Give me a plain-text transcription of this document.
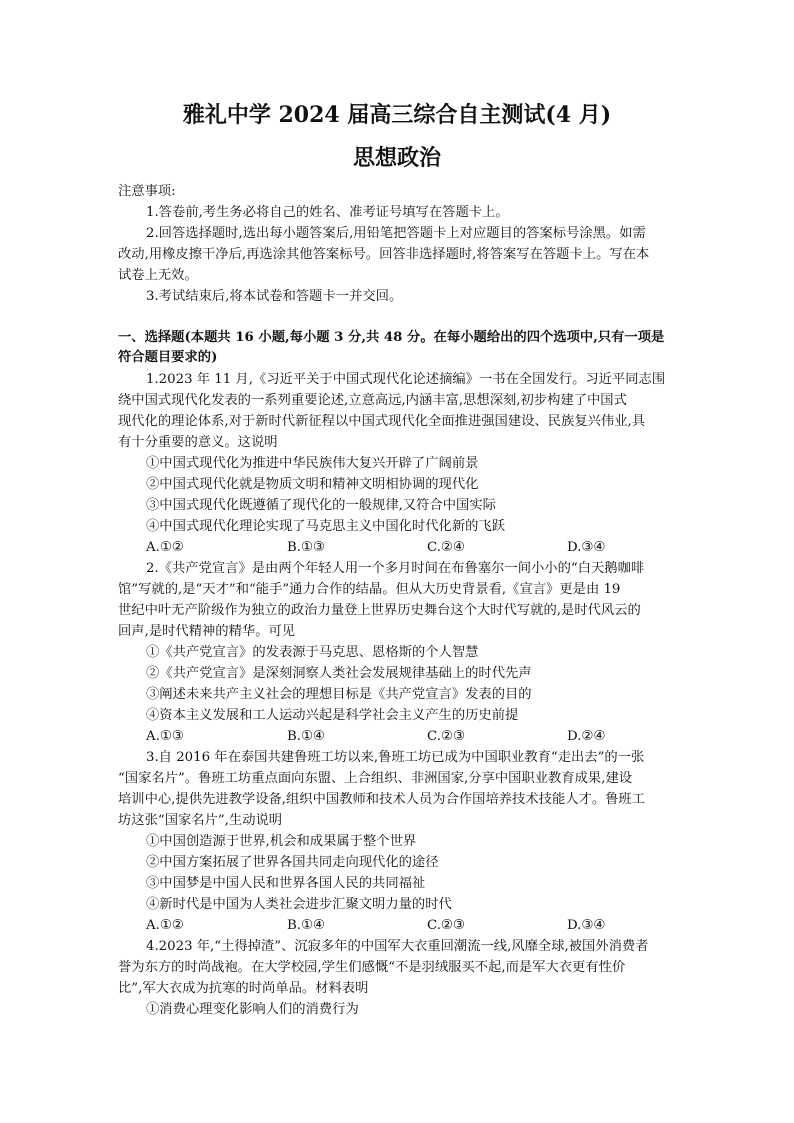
雅礼中学 2024 届高三综合自主测试(4 月)
思想政治
注意事项:
1.答卷前,考生务必将自己的姓名、准考证号填写在答题卡上。
2.回答选择题时,选出每小题答案后,用铅笔把答题卡上对应题目的答案标号涂黑。如需
改动,用橡皮擦干净后,再选涂其他答案标号。回答非选择题时,将答案写在答题卡上。写在本
试卷上无效。
3.考试结束后,将本试卷和答题卡一并交回。
一、选择题(本题共 16 小题,每小题 3 分,共 48 分。在每小题给出的四个选项中,只有一项是
符合题目要求的)
1.2023 年 11 月,《习近平关于中国式现代化论述摘编》一书在全国发行。习近平同志围
绕中国式现代化发表的一系列重要论述,立意高远,内涵丰富,思想深刻,初步构建了中国式
现代化的理论体系,对于新时代新征程以中国式现代化全面推进强国建设、民族复兴伟业,具
有十分重要的意义。这说明
①中国式现代化为推进中华民族伟大复兴开辟了广阔前景
②中国式现代化就是物质文明和精神文明相协调的现代化
③中国式现代化既遵循了现代化的一般规律,又符合中国实际
④中国式现代化理论实现了马克思主义中国化时代化新的飞跃
A.①②	B.①③	C.②④	D.③④
2.《共产党宣言》是由两个年轻人用一个多月时间在布鲁塞尔一间小小的“白天鹅咖啡
馆”写就的,是“天才”和“能手”通力合作的结晶。但从大历史背景看,《宣言》更是由 19
世纪中叶无产阶级作为独立的政治力量登上世界历史舞台这个大时代写就的,是时代风云的
回声,是时代精神的精华。可见
①《共产党宣言》的发表源于马克思、恩格斯的个人智慧
②《共产党宣言》是深刻洞察人类社会发展规律基础上的时代先声
③阐述未来共产主义社会的理想目标是《共产党宣言》发表的目的
④资本主义发展和工人运动兴起是科学社会主义产生的历史前提
A.①③	B.①④	C.②③	D.②④
3.自 2016 年在泰国共建鲁班工坊以来,鲁班工坊已成为中国职业教育“走出去”的一张
“国家名片”。鲁班工坊重点面向东盟、上合组织、非洲国家,分享中国职业教育成果,建设
培训中心,提供先进教学设备,组织中国教师和技术人员为合作国培养技术技能人才。鲁班工
坊这张“国家名片”,生动说明
①中国创造源于世界,机会和成果属于整个世界
②中国方案拓展了世界各国共同走向现代化的途径
③中国梦是中国人民和世界各国人民的共同福祉
④新时代是中国为人类社会进步汇聚文明力量的时代
A.①②	B.①④	C.②③	D.③④
4.2023 年,“土得掉渣”、沉寂多年的中国军大衣重回潮流一线,风靡全球,被国外消费者
誉为东方的时尚战袍。在大学校园,学生们感慨“不是羽绒服买不起,而是军大衣更有性价
比”,军大衣成为抗寒的时尚单品。材料表明
①消费心理变化影响人们的消费行为
